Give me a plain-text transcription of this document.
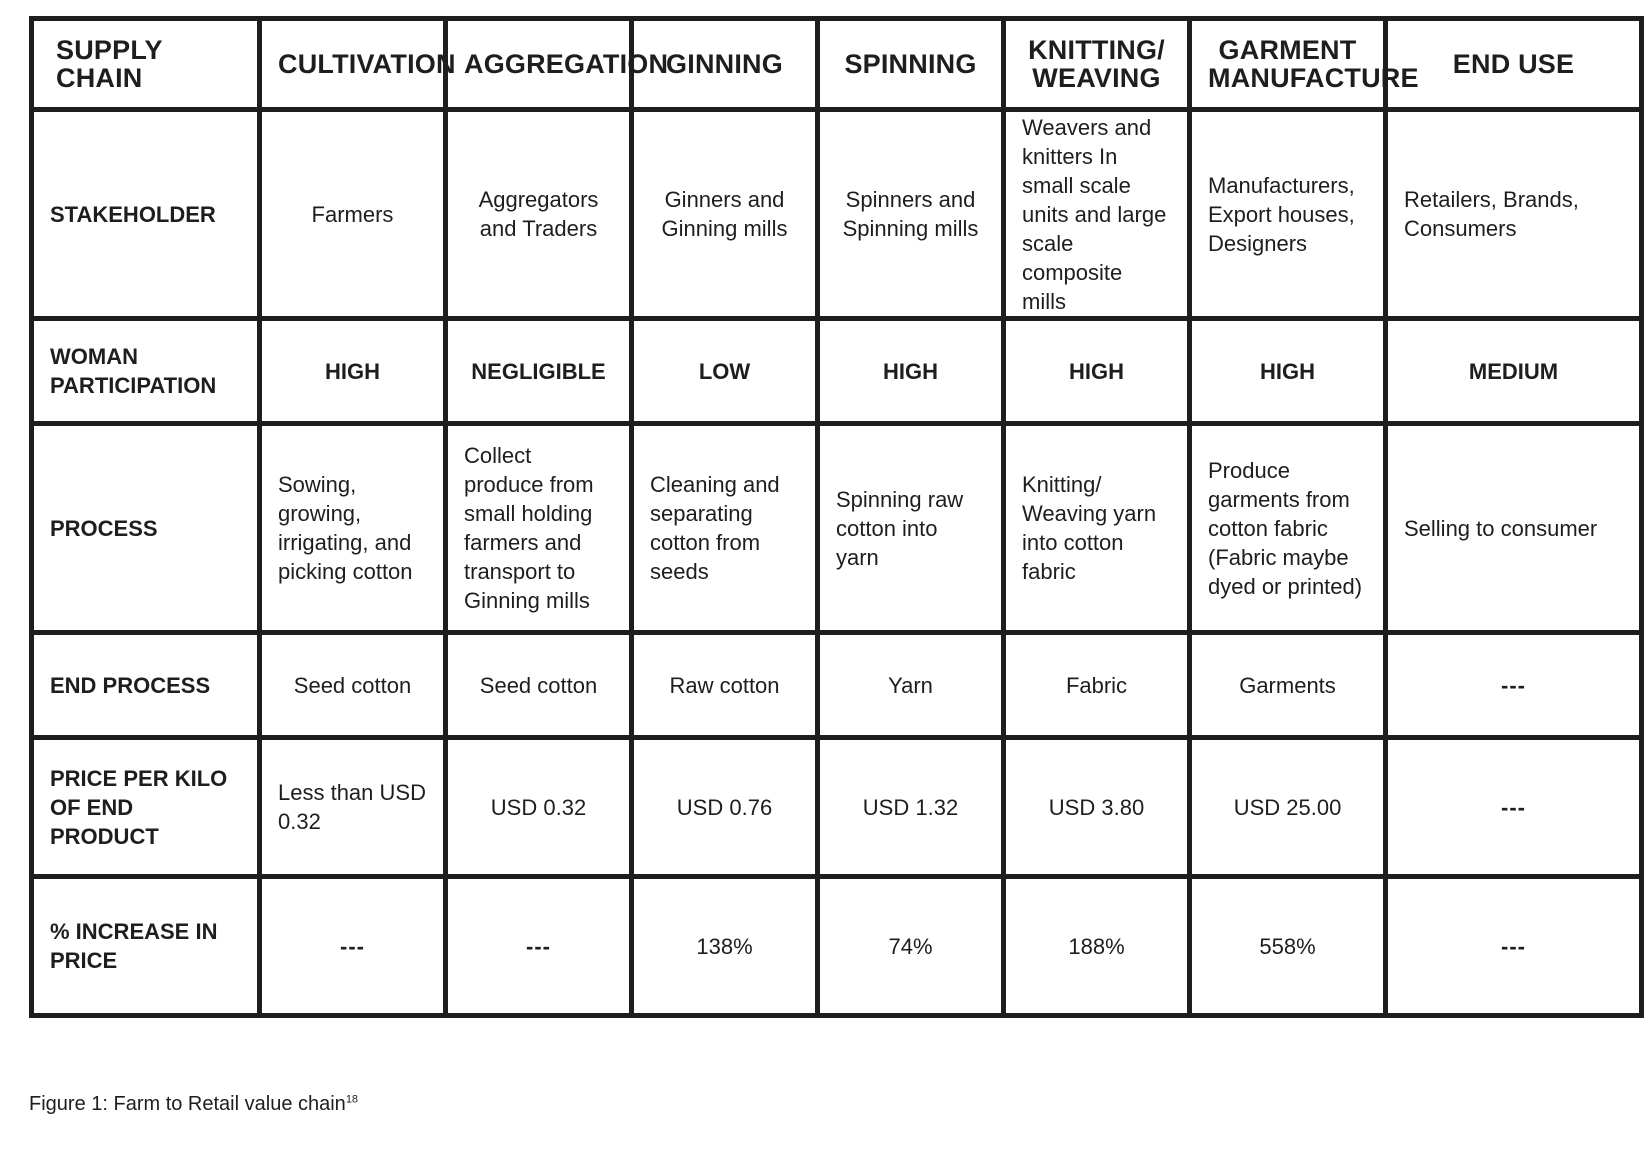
SUPPLY CHAIN	CULTIVATION	AGGREGATION	GINNING	SPINNING	KNITTING/ WEAVING	GARMENT MANUFACTURE	END USE

STAKEHOLDER	Farmers	Aggregators and Traders	Ginners and Ginning mills	Spinners and Spinning mills	Weavers and knitters In small scale units and large scale composite mills	Manufacturers, Export houses, Designers	Retailers, Brands, Consumers
WOMAN PARTICIPATION	HIGH	NEGLIGIBLE	LOW	HIGH	HIGH	HIGH	MEDIUM
PROCESS	Sowing, growing, irrigating, and picking cotton	Collect produce from small holding farmers and transport to Ginning mills	Cleaning and separating cotton from seeds	Spinning raw cotton into yarn	Knitting/ Weaving yarn into cotton fabric	Produce garments from cotton fabric (Fabric maybe dyed or printed)	Selling to consumer
END PROCESS	Seed cotton	Seed cotton	Raw cotton	Yarn	Fabric	Garments	---
PRICE PER KILO OF END PRODUCT	Less than USD 0.32	USD 0.32	USD 0.76	USD 1.32	USD 3.80	USD 25.00	---
% INCREASE IN PRICE	---	---	138%	74%	188%	558%	---
Figure 1: Farm to Retail value chain$^{18}$
